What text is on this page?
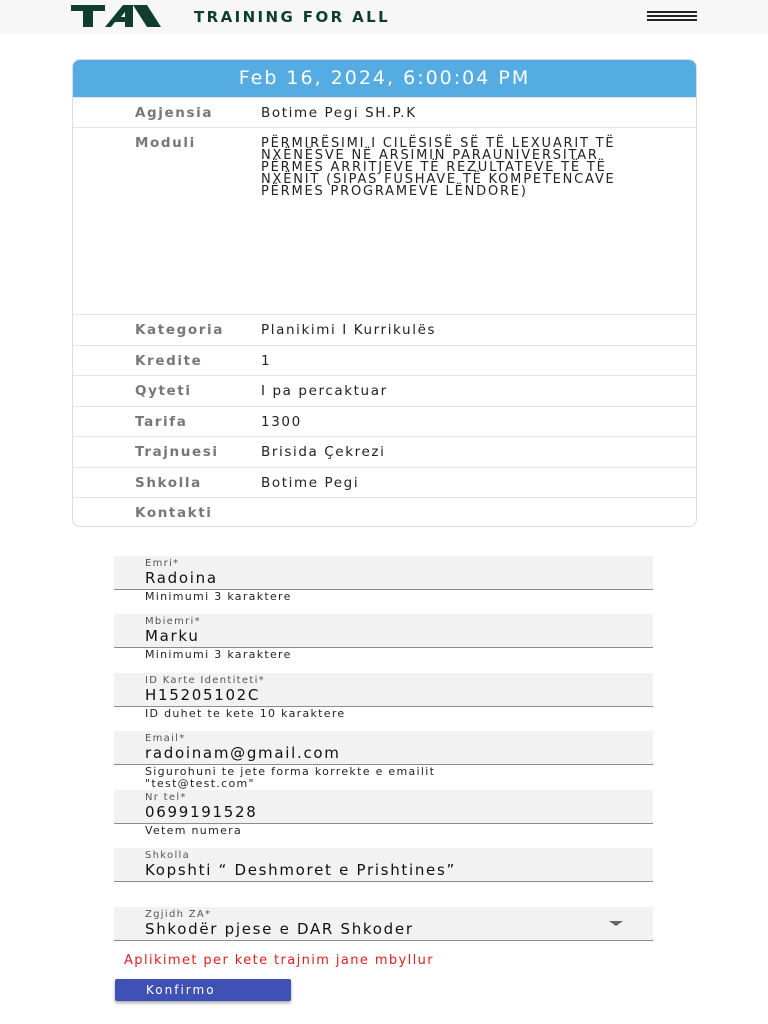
TRAINING FOR ALL
Feb 16, 2024, 6:00:04 PM
Agjensia	Botime Pegi SH.P.K
Moduli	PËRMIRËSIMI I CILËSISË SË TË LEXUARIT TË NXËNËSVE NË ARSIMIN PARAUNIVERSITAR PËRMES ARRITJEVE TË REZULTATEVE TË TË NXËNIT (SIPAS FUSHAVE TË KOMPETENCAVE PËRMES PROGRAMEVE LËNDORE)
Kategoria	Planikimi I Kurrikulës
Kredite	1
Qyteti	I pa percaktuar
Tarifa	1300
Trajnuesi	Brisida Çekrezi
Shkolla	Botime Pegi
Kontakti
Emri*
Radoina
Minimumi 3 karaktere
Mbiemri*
Marku
Minimumi 3 karaktere
ID Karte Identiteti*
H15205102C
ID duhet te kete 10 karaktere
Email*
radoinam@gmail.com
Sigurohuni te jete forma korrekte e emailit
"test@test.com"
Nr tel*
0699191528
Vetem numera
Shkolla
Kopshti “ Deshmoret e Prishtines”
Zgjidh ZA*
Shkodër pjese e DAR Shkoder
Aplikimet per kete trajnim jane mbyllur
Konfirmo
